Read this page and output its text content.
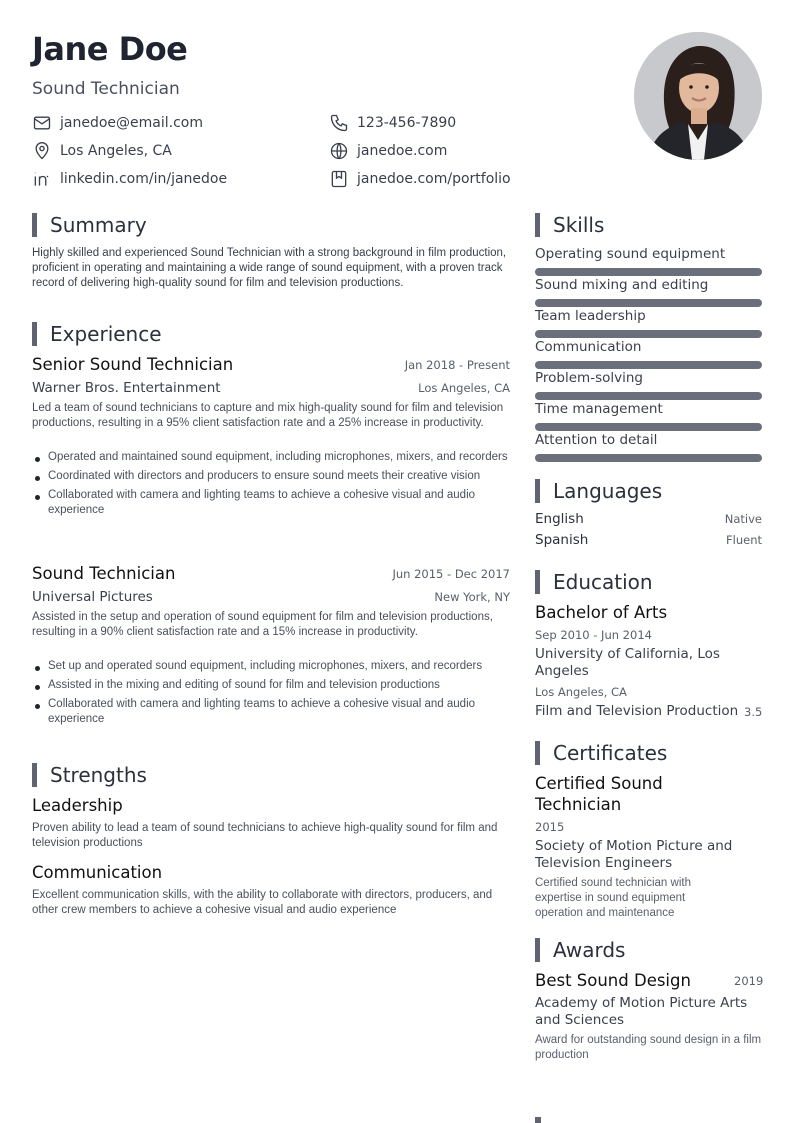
Jane Doe
Sound Technician
janedoe@email.com	123-456-7890
Los Angeles, CA	janedoe.com
linkedin.com/in/janedoe	janedoe.com/portfolio
Summary
Highly skilled and experienced Sound Technician with a strong background in film production, proficient in operating and maintaining a wide range of sound equipment, with a proven track record of delivering high-quality sound for film and television productions.
Experience
Senior Sound Technician	Jan 2018 - Present
Warner Bros. Entertainment	Los Angeles, CA
Led a team of sound technicians to capture and mix high-quality sound for film and television productions, resulting in a 95% client satisfaction rate and a 25% increase in productivity.
Operated and maintained sound equipment, including microphones, mixers, and recorders
Coordinated with directors and producers to ensure sound meets their creative vision
Collaborated with camera and lighting teams to achieve a cohesive visual and audio experience
Sound Technician	Jun 2015 - Dec 2017
Universal Pictures	New York, NY
Assisted in the setup and operation of sound equipment for film and television productions, resulting in a 90% client satisfaction rate and a 15% increase in productivity.
Set up and operated sound equipment, including microphones, mixers, and recorders
Assisted in the mixing and editing of sound for film and television productions
Collaborated with camera and lighting teams to achieve a cohesive visual and audio experience
Strengths
Leadership
Proven ability to lead a team of sound technicians to achieve high-quality sound for film and television productions
Communication
Excellent communication skills, with the ability to collaborate with directors, producers, and other crew members to achieve a cohesive visual and audio experience
Skills
Operating sound equipment
Sound mixing and editing
Team leadership
Communication
Problem-solving
Time management
Attention to detail
Languages
English	Native
Spanish	Fluent
Education
Bachelor of Arts
Sep 2010 - Jun 2014
University of California, Los Angeles
Los Angeles, CA
Film and Television Production 3.5
Certificates
Certified Sound Technician
2015
Society of Motion Picture and Television Engineers
Certified sound technician with expertise in sound equipment operation and maintenance
Awards
Best Sound Design	2019
Academy of Motion Picture Arts and Sciences
Award for outstanding sound design in a film production
